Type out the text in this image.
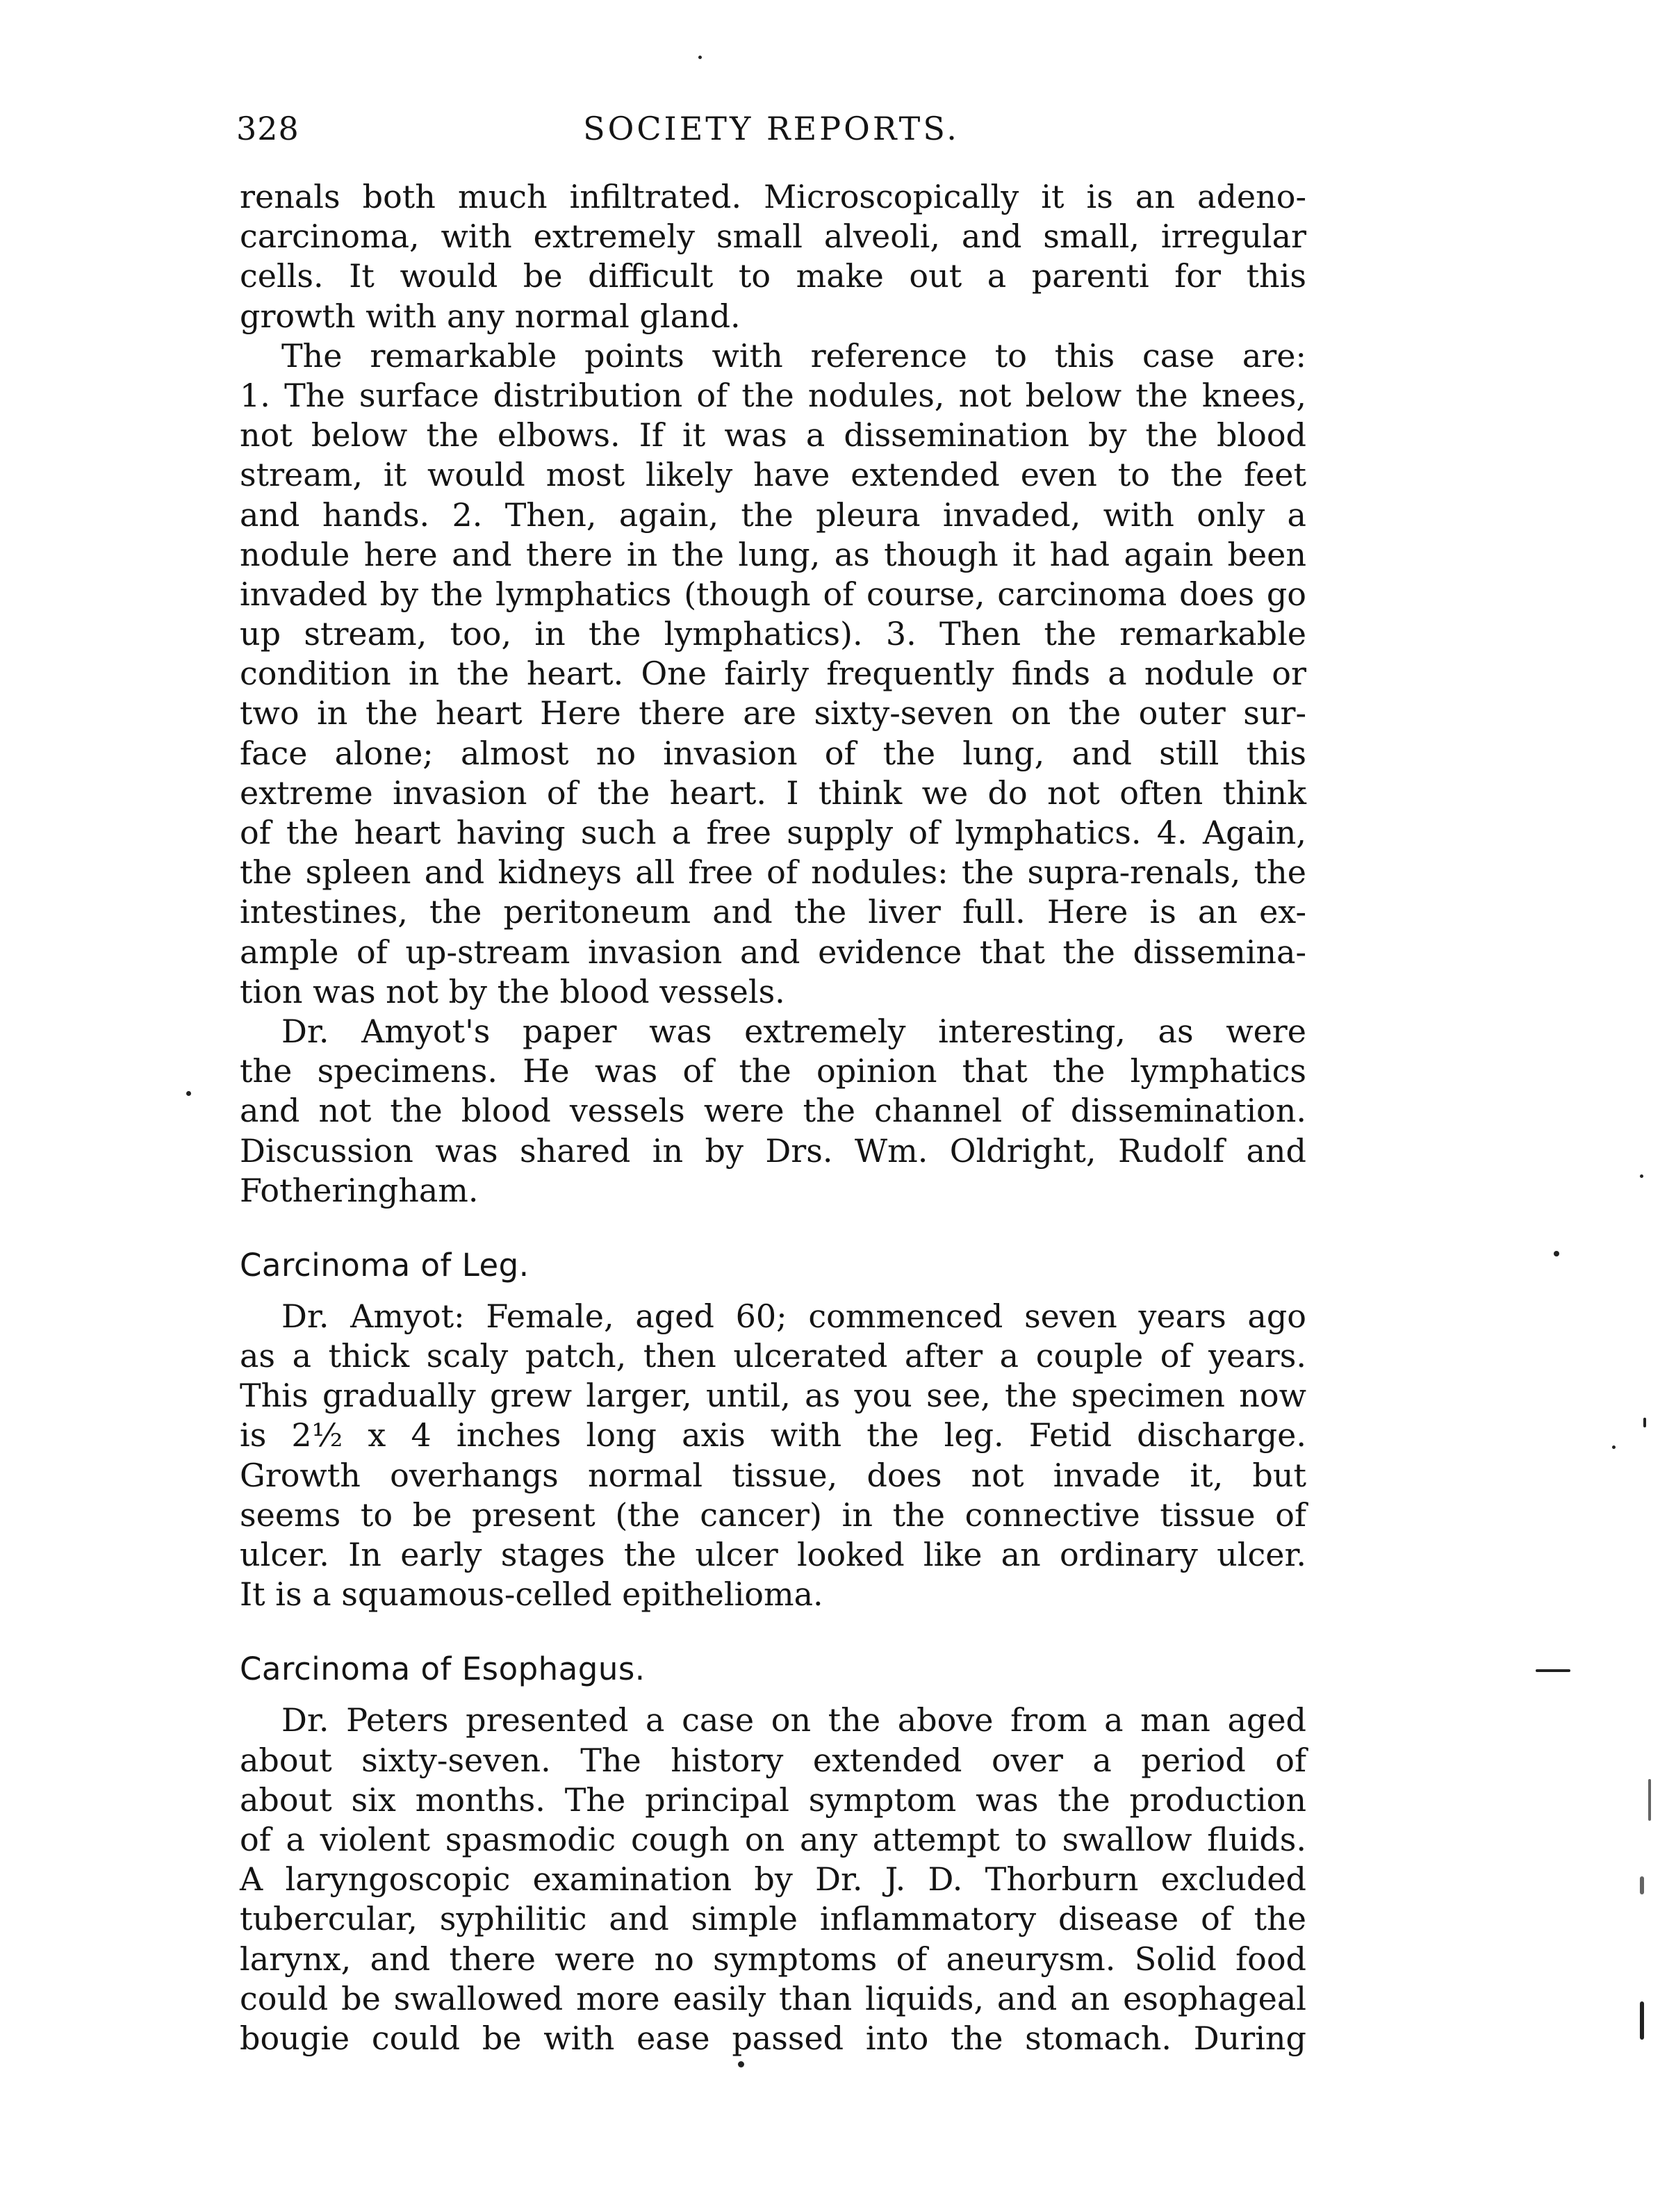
328	SOCIETY REPORTS.
renals both much infiltrated. Microscopically it is an adeno-
carcinoma, with extremely small alveoli, and small, irregular
cells. It would be difficult to make out a parenti for this
growth with any normal gland.
The remarkable points with reference to this case are:
1. The surface distribution of the nodules, not below the knees,
not below the elbows. If it was a dissemination by the blood
stream, it would most likely have extended even to the feet
and hands. 2. Then, again, the pleura invaded, with only a
nodule here and there in the lung, as though it had again been
invaded by the lymphatics (though of course, carcinoma does go
up stream, too, in the lymphatics). 3. Then the remarkable
condition in the heart. One fairly frequently finds a nodule or
two in the heart Here there are sixty-seven on the outer sur-
face alone; almost no invasion of the lung, and still this
extreme invasion of the heart. I think we do not often think
of the heart having such a free supply of lymphatics. 4. Again,
the spleen and kidneys all free of nodules: the supra-renals, the
intestines, the peritoneum and the liver full. Here is an ex-
ample of up-stream invasion and evidence that the dissemina-
tion was not by the blood vessels.
Dr. Amyot's paper was extremely interesting, as were
the specimens. He was of the opinion that the lymphatics
and not the blood vessels were the channel of dissemination.
Discussion was shared in by Drs. Wm. Oldright, Rudolf and
Fotheringham.
Carcinoma of Leg.
Dr. Amyot: Female, aged 60; commenced seven years ago
as a thick scaly patch, then ulcerated after a couple of years.
This gradually grew larger, until, as you see, the specimen now
is 2½ x 4 inches long axis with the leg. Fetid discharge.
Growth overhangs normal tissue, does not invade it, but
seems to be present (the cancer) in the connective tissue of
ulcer. In early stages the ulcer looked like an ordinary ulcer.
It is a squamous-celled epithelioma.
Carcinoma of Esophagus.
Dr. Peters presented a case on the above from a man aged
about sixty-seven. The history extended over a period of
about six months. The principal symptom was the production
of a violent spasmodic cough on any attempt to swallow fluids.
A laryngoscopic examination by Dr. J. D. Thorburn excluded
tubercular, syphilitic and simple inflammatory disease of the
larynx, and there were no symptoms of aneurysm. Solid food
could be swallowed more easily than liquids, and an esophageal
bougie could be with ease passed into the stomach. During
